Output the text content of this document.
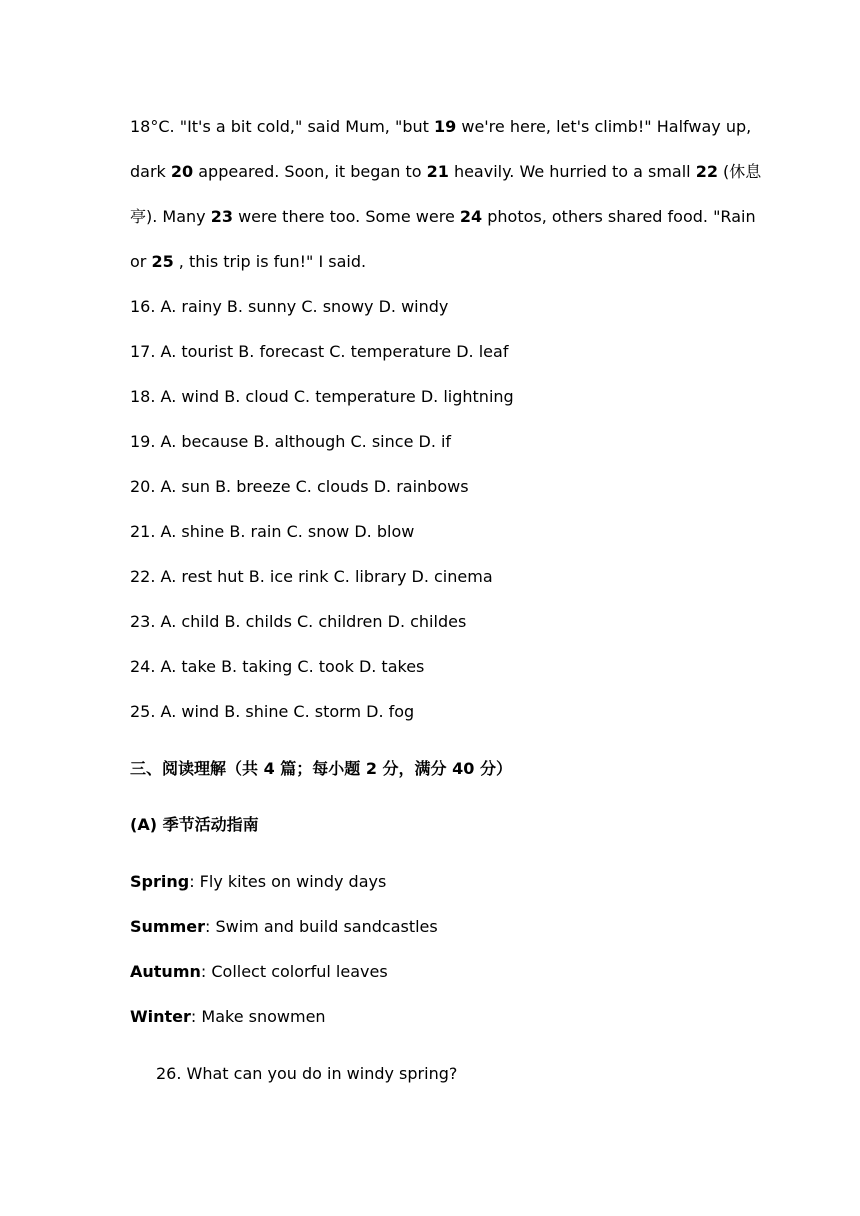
18°C. "It's a bit cold," said Mum, "but 19 we're here, let's climb!" Halfway up,
dark 20 appeared. Soon, it began to 21 heavily. We hurried to a small 22 (休息
亭). Many 23 were there too. Some were 24 photos, others shared food. "Rain
or 25 , this trip is fun!" I said.
16. A. rainy B. sunny C. snowy D. windy
17. A. tourist B. forecast C. temperature D. leaf
18. A. wind B. cloud C. temperature D. lightning
19. A. because B. although C. since D. if
20. A. sun B. breeze C. clouds D. rainbows
21. A. shine B. rain C. snow D. blow
22. A. rest hut B. ice rink C. library D. cinema
23. A. child B. childs C. children D. childes
24. A. take B. taking C. took D. takes
25. A. wind B. shine C. storm D. fog
三、阅读理解（共 4 篇；每小题 2 分，满分 40 分）
(A) 季节活动指南
Spring: Fly kites on windy days
Summer: Swim and build sandcastles
Autumn: Collect colorful leaves
Winter: Make snowmen
26. What can you do in windy spring?
